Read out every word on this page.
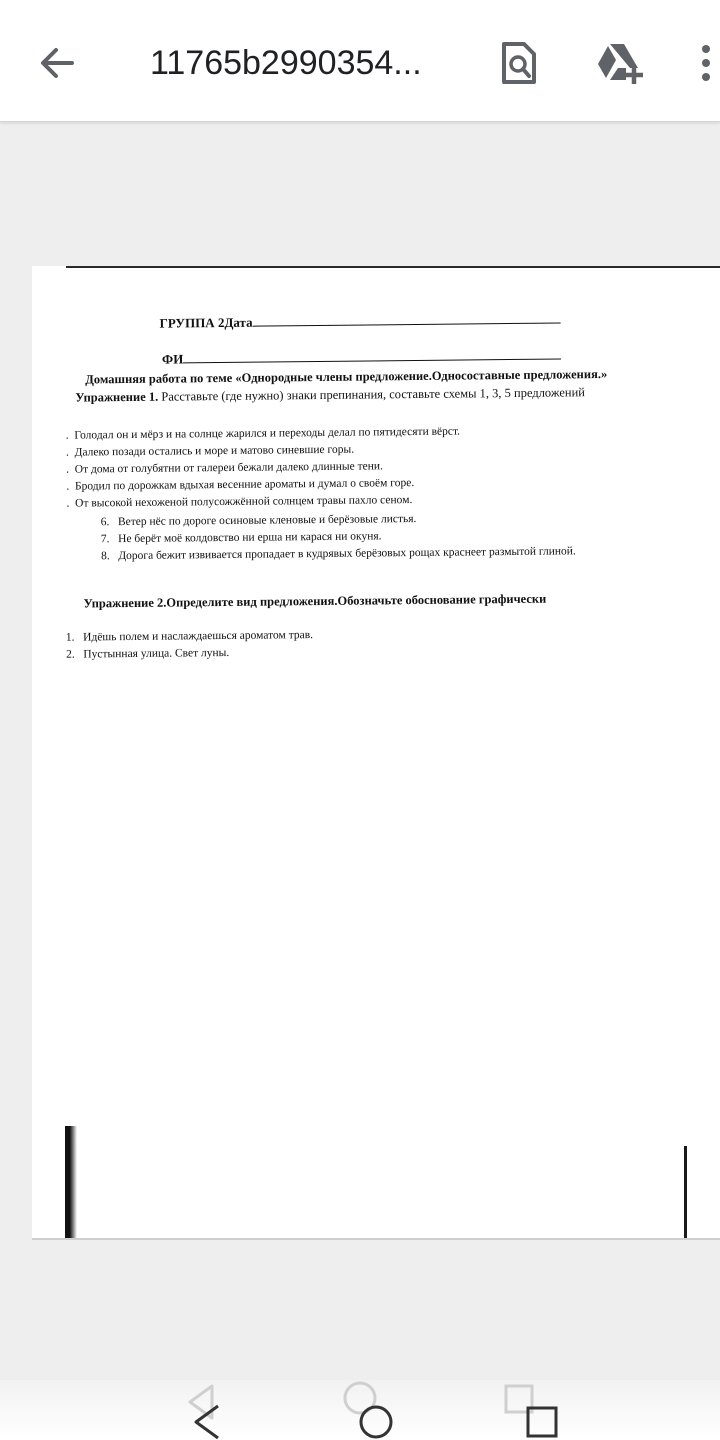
11765b2990354...
ГРУППА 2Дата
ФИ
Домашняя работа по теме «Однородные члены предложение.Односоставные предложения.»
Упражнение 1. Расставьте (где нужно) знаки препинания, составьте схемы 1, 3, 5 предложений
.  Голодал он и мёрз и на солнце жарился и переходы делал по пятидесяти вёрст.
.  Далеко позади остались и море и матово синевшие горы.
.  От дома от голубятни от галереи бежали далеко длинные тени.
.  Бродил по дорожкам вдыхая весенние ароматы и думал о своём горе.
.  От высокой нехоженой полусожжённой солнцем травы пахло сеном.
6. Ветер нёс по дороге осиновые кленовые и берёзовые листья.
7. Не берёт моё колдовство ни ерша ни карася ни окуня.
8. Дорога бежит извивается пропадает в кудрявых берёзовых рощах краснеет размытой глиной.
Упражнение 2.Определите вид предложения.Обозначьте обоснование графически
1. Идёшь полем и наслаждаешься ароматом трав.
2. Пустынная улица. Свет луны.
